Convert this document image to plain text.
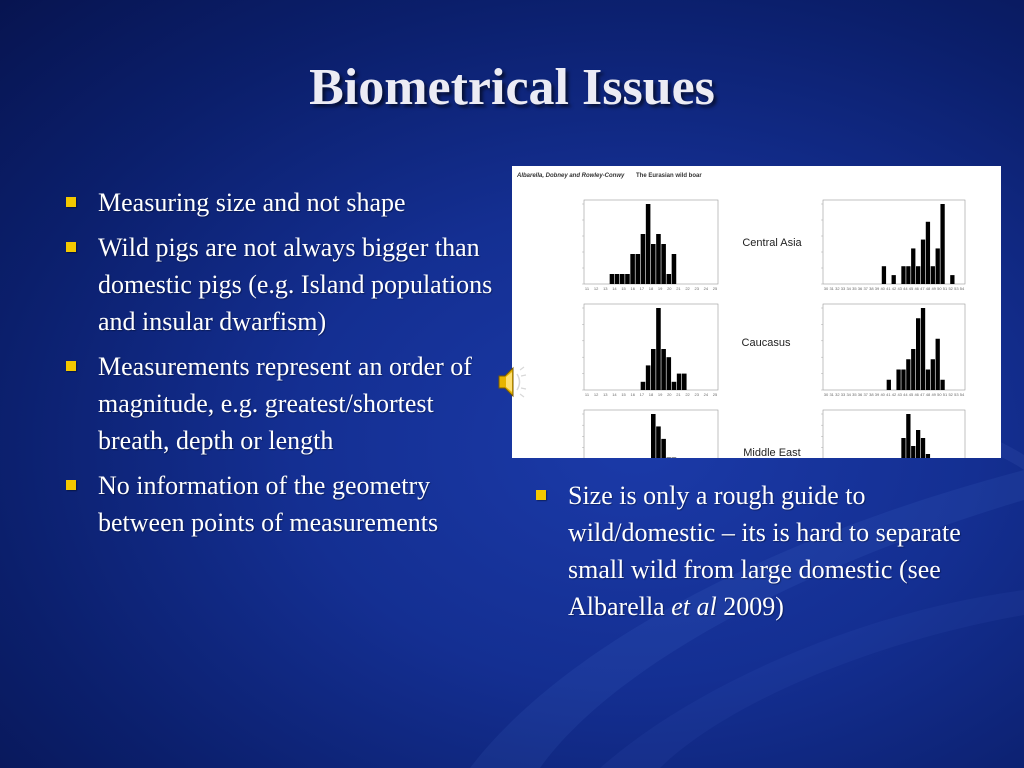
Biometrical Issues
Measuring size and not shape
Wild pigs are not always bigger than domestic pigs (e.g. Island populations and insular dwarfism)
Measurements represent an order of magnitude, e.g. greatest/shortest breath, depth or length
No information of the geometry between points of measurements
Albarella, Dobney and Rowley-Conwy The Eurasian wild boar
Central Asia
Caucasus
Middle East
11 12 13 14 15 16 17 18 19 20 21 22 23 24 25	30 31 32 33 34 35 36 37 38 39 40 41 42 43 44 45 46 47 48 49 50 51 52 53 54
11 12 13 14 15 16 17 18 19 20 21 22 23 24 25	30 31 32 33 34 35 36 37 38 39 40 41 42 43 44 45 46 47 48 49 50 51 52 53 54
Size is only a rough guide to wild/domestic – its is hard to separate small wild from large domestic (see Albarella et al 2009)
